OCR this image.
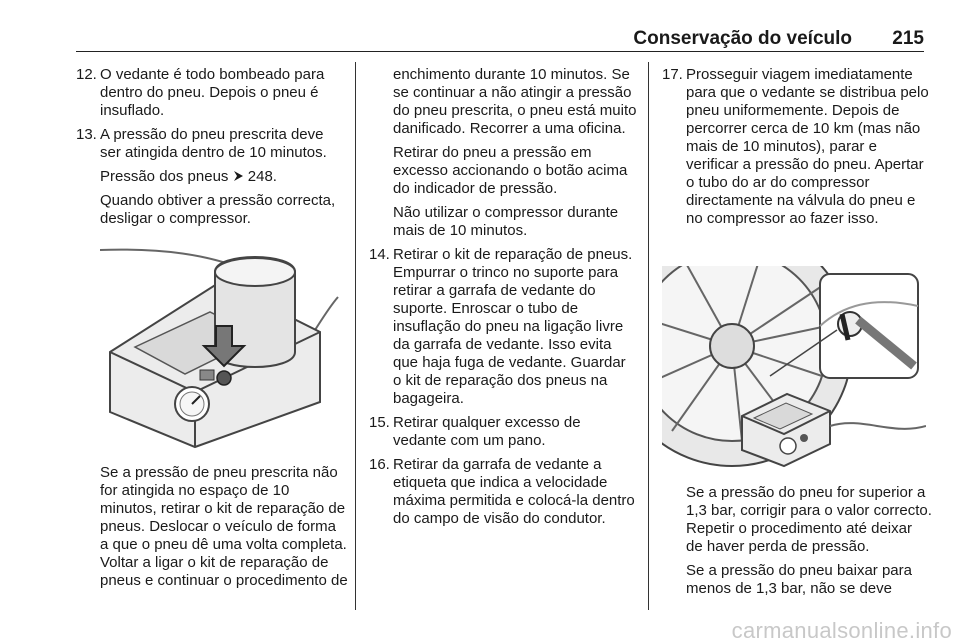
Conservação do veículo 215
12. O vedante é todo bombeado para dentro do pneu. Depois o pneu é insuflado.

13. A pressão do pneu prescrita deve ser atingida dentro de 10 minutos.

Pressão dos pneus 248.

Quando obtiver a pressão correcta, desligar o compressor.

Se a pressão de pneu prescrita não for atingida no espaço de 10 minutos, retirar o kit de reparação de pneus. Deslocar o veículo de forma a que o pneu dê uma volta completa. Voltar a ligar o kit de reparação de pneus e continuar o procedimento de

enchimento durante 10 minutos. Se se continuar a não atingir a pressão do pneu prescrita, o pneu está muito danificado. Recorrer a uma oficina.

Retirar do pneu a pressão em excesso accionando o botão acima do indicador de pressão.

Não utilizar o compressor durante mais de 10 minutos.

14. Retirar o kit de reparação de pneus. Empurrar o trinco no suporte para retirar a garrafa de vedante do suporte. Enroscar o tubo de insuflação do pneu na ligação livre da garrafa de vedante. Isso evita que haja fuga de vedante. Guardar o kit de reparação dos pneus na bagageira.

15. Retirar qualquer excesso de vedante com um pano.

16. Retirar da garrafa de vedante a etiqueta que indica a velocidade máxima permitida e colocá-la dentro do campo de visão do condutor.

17. Prosseguir viagem imediatamente para que o vedante se distribua pelo pneu uniformemente. Depois de percorrer cerca de 10 km (mas não mais de 10 minutos), parar e verificar a pressão do pneu. Apertar o tubo do ar do compressor directamente na válvula do pneu e no compressor ao fazer isso.

Se a pressão do pneu for superior a 1,3 bar, corrigir para o valor correcto. Repetir o procedimento até deixar de haver perda de pressão.

Se a pressão do pneu baixar para menos de 1,3 bar, não se deve

carmanualsonline.info
